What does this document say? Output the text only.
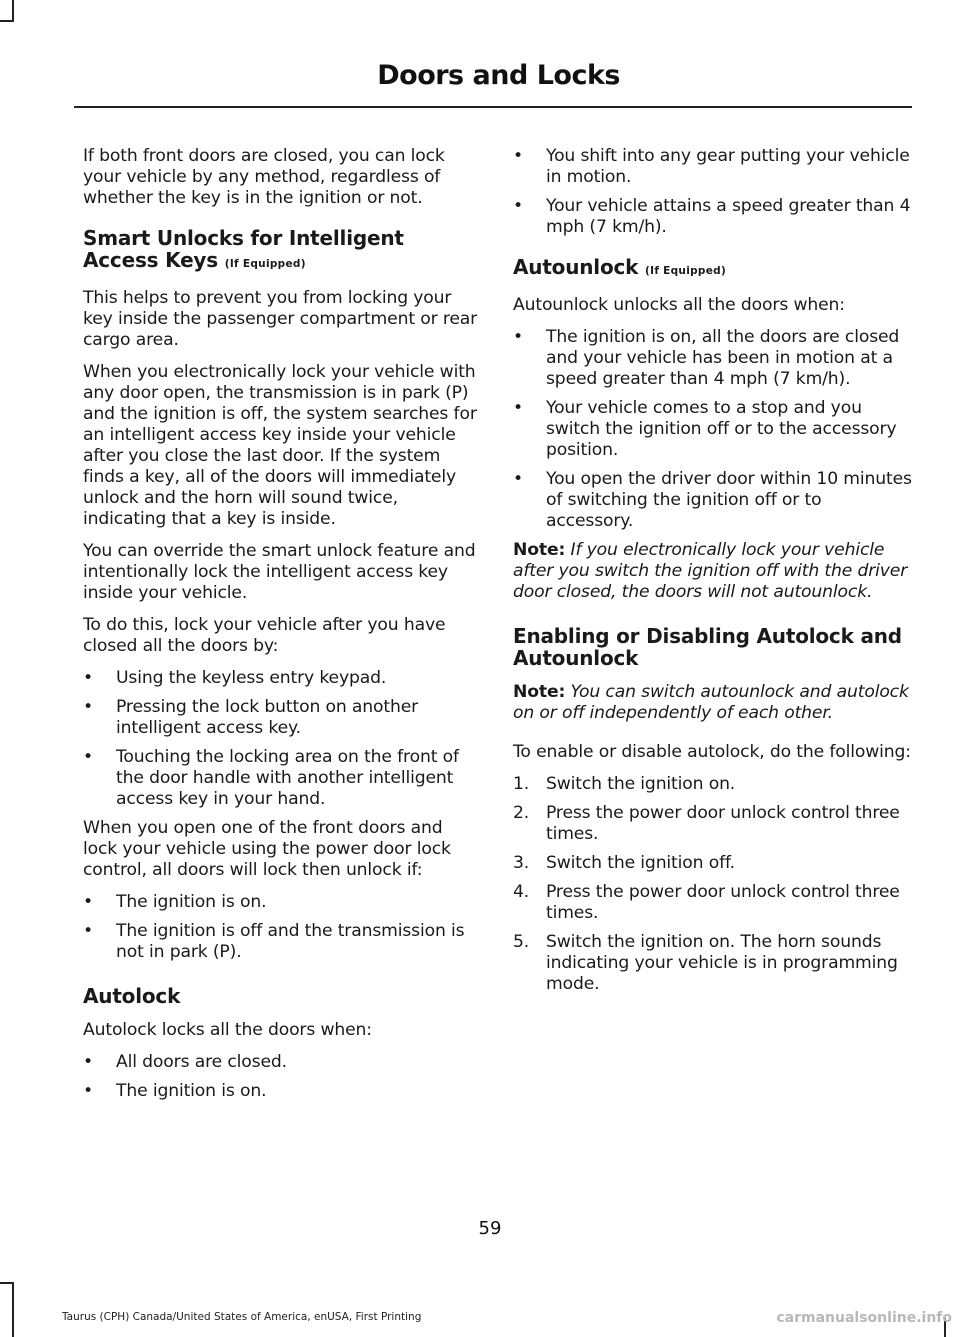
Doors and Locks

If both front doors are closed, you can lock your vehicle by any method, regardless of whether the key is in the ignition or not.

Smart Unlocks for Intelligent Access Keys (If Equipped)

This helps to prevent you from locking your key inside the passenger compartment or rear cargo area.

When you electronically lock your vehicle with any door open, the transmission is in park (P) and the ignition is off, the system searches for an intelligent access key inside your vehicle after you close the last door. If the system finds a key, all of the doors will immediately unlock and the horn will sound twice, indicating that a key is inside.

You can override the smart unlock feature and intentionally lock the intelligent access key inside your vehicle.

To do this, lock your vehicle after you have closed all the doors by:

• Using the keyless entry keypad.
• Pressing the lock button on another intelligent access key.
• Touching the locking area on the front of the door handle with another intelligent access key in your hand.

When you open one of the front doors and lock your vehicle using the power door lock control, all doors will lock then unlock if:

• The ignition is on.
• The ignition is off and the transmission is not in park (P).
Autolock

Autolock locks all the doors when:

• All doors are closed.
• The ignition is on.
• You shift into any gear putting your vehicle in motion.
• Your vehicle attains a speed greater than 4 mph (7 km/h).
Autounlock (If Equipped)

Autounlock unlocks all the doors when:

• The ignition is on, all the doors are closed and your vehicle has been in motion at a speed greater than 4 mph (7 km/h).
• Your vehicle comes to a stop and you switch the ignition off or to the accessory position.
• You open the driver door within 10 minutes of switching the ignition off or to accessory.

Note: If you electronically lock your vehicle after you switch the ignition off with the driver door closed, the doors will not autounlock.

Enabling or Disabling Autolock and Autounlock

Note: You can switch autounlock and autolock on or off independently of each other.

To enable or disable autolock, do the following:

1. Switch the ignition on.
2. Press the power door unlock control three times.
3. Switch the ignition off.
4. Press the power door unlock control three times.
5. Switch the ignition on. The horn sounds indicating your vehicle is in programming mode.
59
Taurus (CPH) Canada/United States of America, enUSA, First Printing	carmanualsonline.info
